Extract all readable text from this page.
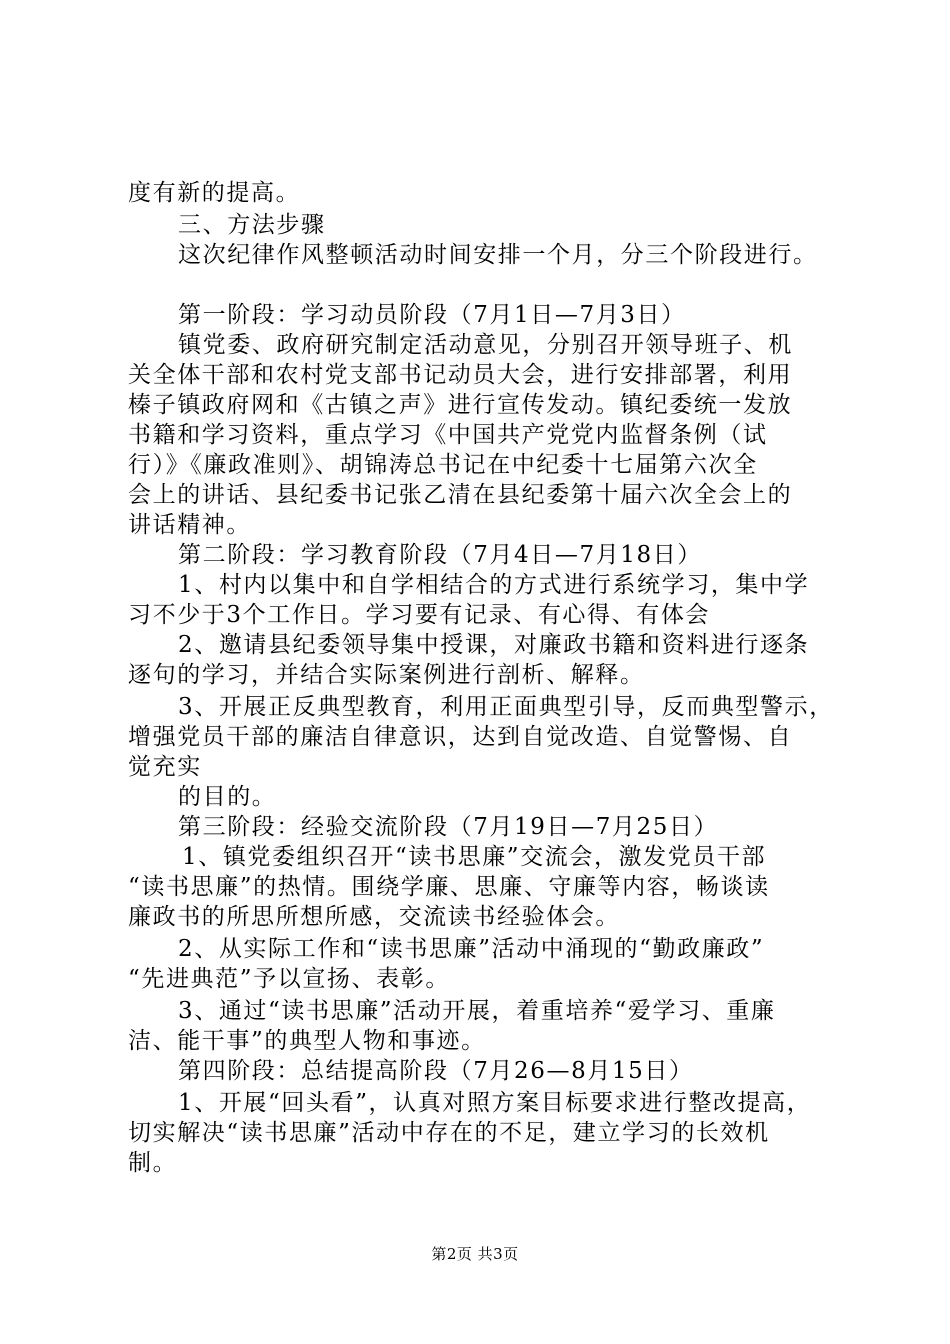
度有新的提高。
三、方法步骤
这次纪律作风整顿活动时间安排一个月，分三个阶段进行。
第一阶段：学习动员阶段（7月1日—7月3日）
镇党委、政府研究制定活动意见，分别召开领导班子、机
关全体干部和农村党支部书记动员大会，进行安排部署，利用
榛子镇政府网和《古镇之声》进行宣传发动。镇纪委统一发放
书籍和学习资料，重点学习《中国共产党党内监督条例（试
行）》《廉政准则》、胡锦涛总书记在中纪委十七届第六次全
会上的讲话、县纪委书记张乙清在县纪委第十届六次全会上的
讲话精神。
第二阶段：学习教育阶段（7月4日—7月18日）
1、村内以集中和自学相结合的方式进行系统学习，集中学
习不少于3个工作日。学习要有记录、有心得、有体会
2、邀请县纪委领导集中授课，对廉政书籍和资料进行逐条
逐句的学习，并结合实际案例进行剖析、解释。
3、开展正反典型教育，利用正面典型引导，反而典型警示，
增强党员干部的廉洁自律意识，达到自觉改造、自觉警惕、自
觉充实
的目的。
第三阶段：经验交流阶段（7月19日—7月25日）
1、镇党委组织召开“读书思廉”交流会，激发党员干部
“读书思廉”的热情。围绕学廉、思廉、守廉等内容，畅谈读
廉政书的所思所想所感，交流读书经验体会。
2、从实际工作和“读书思廉”活动中涌现的“勤政廉政”
“先进典范”予以宣扬、表彰。
3、通过“读书思廉”活动开展，着重培养“爱学习、重廉
洁、能干事”的典型人物和事迹。
第四阶段：总结提高阶段（7月26—8月15日）
1、开展“回头看”，认真对照方案目标要求进行整改提高，
切实解决“读书思廉”活动中存在的不足，建立学习的长效机
制。
第2页 共3页
